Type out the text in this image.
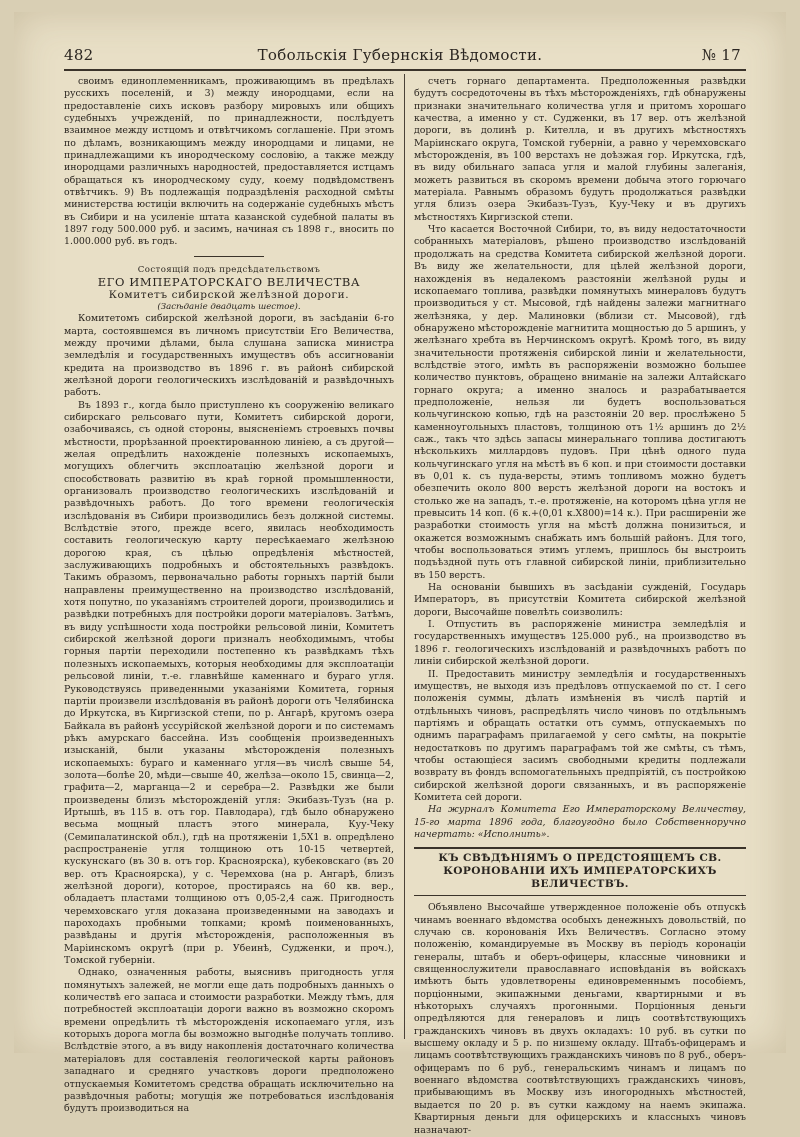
482	Тобольскія Губернскія Вѣдомости.	№ 17

своимъ единоплеменникамъ, проживающимъ въ предѣлахъ русскихъ поселеній, и 3) между инородцами, если на предоставленіе сихъ исковъ разбору мировыхъ или общихъ судебныхъ учрежденій, по принадлежности, послѣдуетъ взаимное между истцомъ и отвѣтчикомъ соглашеніе. При этомъ по дѣламъ, возникающимъ между инородцами и лицами, не принадлежащими къ инородческому сословію, а также между инородцами различныхъ народностей, предоставляется истцамъ обращаться къ инородческому суду, коему подвѣдомственъ отвѣтчикъ. 9) Въ подлежащія подраздѣленія расходной смѣты министерства юстиціи включить на содержаніе судебныхъ мѣстъ въ Сибири и на усиленіе штата казанской судебной палаты въ 1897 году 500.000 руб. и засимъ, начиная съ 1898 г., вносить по 1.000.000 руб. въ годъ.

Состоящій подъ предсѣдательствомъ

ЕГО ИМПЕРАТОРСКАГО ВЕЛИЧЕСТВА

Комитетъ сибирской желѣзной дороги.

(Засѣданіе двадцать шестое).

Комитетомъ сибирской желѣзной дороги, въ засѣданіи 6-го марта, состоявшемся въ личномъ присутствіи Его Величества, между прочими дѣлами, была слушана записка министра земледѣлія и государственныхъ имуществъ объ ассигнованіи кредита на производство въ 1896 г. въ районѣ сибирской желѣзной дороги геологическихъ изслѣдованій и развѣдочныхъ работъ.

Въ 1893 г., когда было приступлено къ сооруженію великаго сибирскаго рельсоваго пути, Комитетъ сибирской дороги, озабочиваясь, съ одной стороны, выясненіемъ строевыхъ почвы мѣстности, прорѣзанной проектированною линіею, а съ другой—желая опредѣлить нахожденіе полезныхъ ископаемыхъ, могущихъ облегчить эксплоатацію желѣзной дороги и способствовать развитію въ краѣ горной промышленности, организовалъ производство геологическихъ изслѣдованій и развѣдочныхъ работъ. До того времени геологическія изслѣдованія въ Сибири производились безъ должной системы. Вслѣдствіе этого, прежде всего, явилась необходимость составить геологическую карту пересѣкаемаго желѣзною дорогою края, съ цѣлью опредѣленія мѣстностей, заслуживающихъ подробныхъ и обстоятельныхъ развѣдокъ. Такимъ образомъ, первоначально работы горныхъ партій были направлены преимущественно на производство изслѣдованій, хотя попутно, по указаніямъ строителей дороги, производились и развѣдки потребныхъ для постройки дороги матеріаловъ. Затѣмъ, въ виду успѣшности хода постройки рельсовой линіи, Комитетъ сибирской желѣзной дороги призналъ необходимымъ, чтобы горныя партіи переходили постепенно къ развѣдкамъ тѣхъ полезныхъ ископаемыхъ, которыя необходимы для эксплоатаціи рельсовой линіи, т.-е. главнѣйше каменнаго и бураго угля. Руководствуясь приведенными указаніями Комитета, горныя партіи произвели изслѣдованія въ районѣ дороги отъ Челябинска до Иркутска, въ Киргизской степи, по р. Ангарѣ, кругомъ озера Байкала въ районѣ уссурійской желѣзной дороги и по системамъ рѣкъ амурскаго бассейна. Изъ сообщенія произведенныхъ изысканій, были указаны мѣсторожденія полезныхъ ископаемыхъ: бураго и каменнаго угля—въ числѣ свыше 54, золота—болѣе 20, мѣди—свыше 40, желѣза—около 15, свинца—2, графита—2, марганца—2 и серебра—2. Развѣдки же были произведены близъ мѣсторожденій угля: Экибазъ-Тузъ (на р. Иртышѣ, въ 115 в. отъ гор. Павлодара), гдѣ было обнаружено весьма мощный пластъ этого минерала, Куу-Чеку (Семипалатинской обл.), гдѣ на протяженіи 1,5Х1 в. опредѣлено распространеніе угля толщиною отъ 10-15 четвертей, кускунскаго (въ 30 в. отъ гор. Красноярска), кубековскаго (въ 20 вер. отъ Красноярска), у с. Черемхова (на р. Ангарѣ, близъ желѣзной дороги), которое, простираясь на 60 кв. вер., обладаетъ пластами толщиною отъ 0,05-2,4 саж. Пригодность черемховскаго угля доказана произведенными на заводахъ и пароходахъ пробными топками; кромѣ поименованныхъ, развѣданы и другія мѣсторожденія, расположенныя въ Маріинскомъ округѣ (при р. Убеинѣ, Судженки, и проч.), Томской губерніи.

Однако, означенныя работы, выяснивъ пригодность угля помянутыхъ залежей, не могли еще дать подробныхъ данныхъ о количествѣ его запаса и стоимости разработки. Между тѣмъ, для потребностей эксплоатаціи дороги важно въ возможно скоромъ времени опредѣлить тѣ мѣсторожденія ископаемаго угля, изъ которыхъ дорога могла бы возможно выгоднѣе получать топливо. Вслѣдствіе этого, а въ виду накопленія достаточнаго количества матеріаловъ для составленія геологической карты районовъ западнаго и средняго участковъ дороги предположено отпускаемыя Комитетомъ средства обращать исключительно на развѣдочныя работы; могущія же потребоваться изслѣдованія будутъ производиться на

счетъ горнаго департамента. Предположенныя развѣдки будутъ сосредоточены въ тѣхъ мѣсторожденіяхъ, гдѣ обнаружены признаки значительнаго количества угля и притомъ хорошаго качества, а именно у ст. Судженки, въ 17 вер. отъ желѣзной дороги, въ долинѣ р. Кителла, и въ другихъ мѣстностяхъ Маріинскаго округа, Томской губерніи, а равно у черемховскаго мѣсторожденія, въ 100 верстахъ не доѣзжая гор. Иркутска, гдѣ, въ виду обильнаго запаса угля и малой глубины залеганія, можетъ развиться въ скоромъ времени добыча этого горючаго матеріала. Равнымъ образомъ будутъ продолжаться развѣдки угля близъ озера Экибазъ-Тузъ, Куу-Чеку и въ другихъ мѣстностяхъ Киргизской степи.

Что касается Восточной Сибири, то, въ виду недостаточности собранныхъ матеріаловъ, рѣшено производство изслѣдованій продолжать на средства Комитета сибирской желѣзной дороги. Въ виду же желательности, для цѣлей желѣзной дороги, нахожденія въ недалекомъ разстояніи желѣзной руды и ископаемаго топлива, развѣдки помянутыхъ минераловъ будутъ производиться у ст. Мысовой, гдѣ найдены залежи магнитнаго желѣзняка, у дер. Малиновки (вблизи ст. Мысовой), гдѣ обнаружено мѣсторожденіе магнитита мощностью до 5 аршинъ, у желѣзнаго хребта въ Нерчинскомъ округѣ. Кромѣ того, въ виду значительности протяженія сибирской линіи и желательности, вслѣдствіе этого, имѣть въ распоряженіи возможно большее количество пунктовъ, обращено вниманіе на залежи Алтайскаго горнаго округа; а именно зналось и разрабатывается предположеніе, нельзя ли будетъ воспользоваться кольчугинскою копью, гдѣ на разстояніи 20 вер. прослѣжено 5 каменноугольныхъ пластовъ, толщиною отъ 1½ аршинъ до 2½ саж., такъ что здѣсь запасы минеральнаго топлива достигаютъ нѣсколькихъ миллардовъ пудовъ. При цѣнѣ одного пуда кольчугинскаго угля на мѣстѣ въ 6 коп. и при стоимости доставки въ 0,01 к. съ пуда-версты, этимъ топливомъ можно будетъ обезпечить около 800 верстъ желѣзной дороги на востокъ и столько же на западъ, т.-е. протяженіе, на которомъ цѣна угля не превысить 14 коп. (6 к.+(0,01 к.Х800)=14 к.). При расширеніи же разработки стоимость угля на мѣстѣ должна понизиться, и окажется возможнымъ снабжать имъ большій районъ. Для того, чтобы воспользоваться этимъ углемъ, пришлось бы выстроить подъѣздной путь отъ главной сибирской линіи, приблизительно въ 150 верстъ.

На основаніи бывшихъ въ засѣданіи сужденій, Государь Императоръ, въ присутствіи Комитета сибирской желѣзной дороги, Высочайше повелѣть соизволилъ:

I. Отпустить въ распоряженіе министра земледѣлія и государственныхъ имуществъ 125.000 руб., на производство въ 1896 г. геологическихъ изслѣдованій и развѣдочныхъ работъ по линіи сибирской желѣзной дороги.

II. Предоставить министру земледѣлія и государственныхъ имуществъ, не выходя изъ предѣловъ отпускаемой по ст. I сего положенія суммы, дѣлать измѣненія въ числѣ партій и отдѣльныхъ чиновъ, распредѣлять число чиновъ по отдѣльнымъ партіямъ и обращать остатки отъ суммъ, отпускаемыхъ по однимъ параграфамъ прилагаемой у сего смѣты, на покрытіе недостатковъ по другимъ параграфамъ той же смѣты, съ тѣмъ, чтобы остающіеся засимъ свободными кредиты подлежали возврату въ фондъ вспомогательныхъ предпріятій, съ постройкою сибирской желѣзной дороги связанныхъ, и въ распоряженіе Комитета сей дороги.

На журналъ Комитета Его Императорскому Величеству, 15-го марта 1896 года, благоугодно было Собственноручно начертать: «Исполнить».

КЪ СВѢДѢНІЯМЪ О ПРЕДСТОЯЩЕМЪ СВ. КОРОНОВАНІИ ИХЪ ИМПЕРАТОРСКИХЪ ВЕЛИЧЕСТВЪ.

Объявлено Высочайше утвержденное положеніе объ отпускѣ чинамъ военнаго вѣдомства особыхъ денежныхъ довольствій, по случаю св. коронованія Ихъ Величествъ. Согласно этому положенію, командируемые въ Москву въ періодъ коронаціи генералы, штабъ и оберъ-офицеры, классные чиновники и священнослужители православнаго исповѣданія въ войскахъ имѣютъ быть удовлетворены единовременнымъ пособіемъ, порціонными, экипажными деньгами, квартирными и въ нѣкоторыхъ случаяхъ прогонными. Порціонныя деньги опредѣляются для генераловъ и лицъ соотвѣтствующихъ гражданскихъ чиновъ въ двухъ окладахъ: 10 руб. въ сутки по высшему окладу и 5 р. по низшему окладу. Штабъ-офицерамъ и лицамъ соотвѣтствующихъ гражданскихъ чиновъ по 8 руб., оберъ-офицерамъ по 6 руб., генеральскимъ чинамъ и лицамъ по военнаго вѣдомства соотвѣтствующихъ гражданскихъ чиновъ, прибывающимъ въ Москву изъ иногородныхъ мѣстностей, выдается по 20 р. въ сутки каждому на наемъ экипажа. Квартирныя деньги для офицерскихъ и классныхъ чиновъ назначают-
